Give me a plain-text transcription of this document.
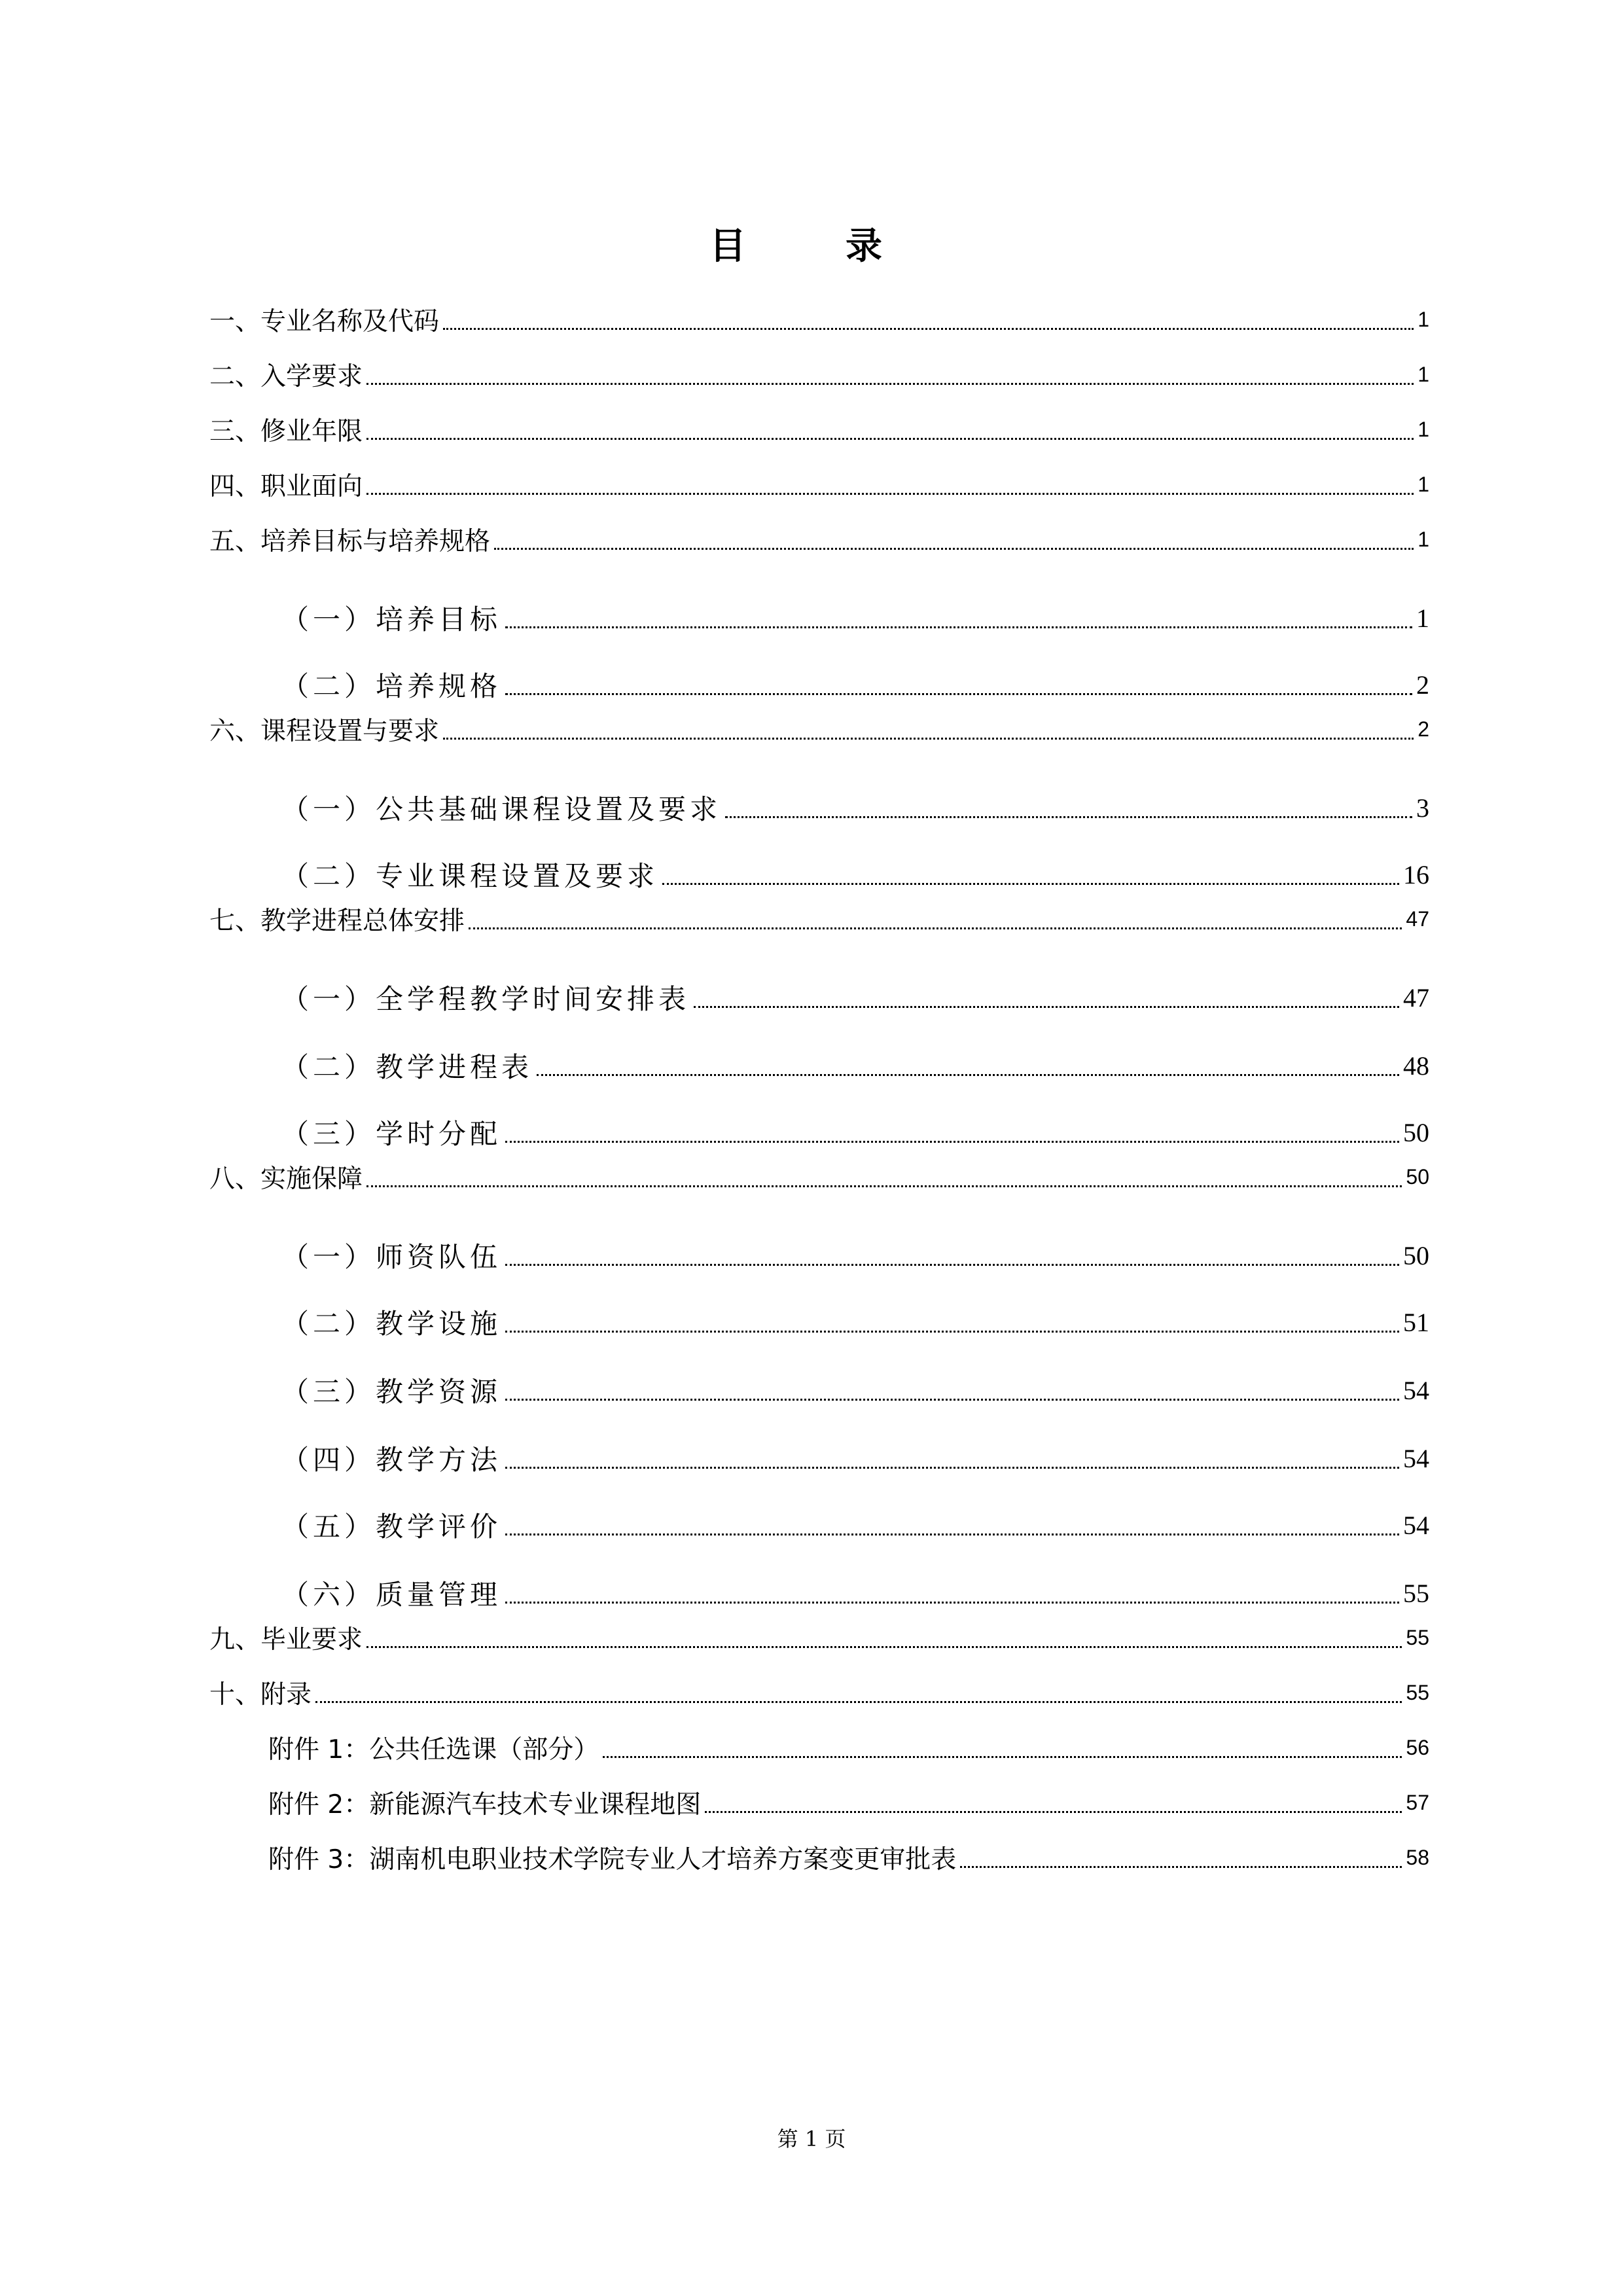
目　录
一、专业名称及代码	1
二、入学要求	1
三、修业年限	1
四、职业面向	1
五、培养目标与培养规格	1
（一）培养目标	1
（二）培养规格	2
六、课程设置与要求	2
（一）公共基础课程设置及要求	3
（二）专业课程设置及要求	16
七、教学进程总体安排	47
（一）全学程教学时间安排表	47
（二）教学进程表	48
（三）学时分配	50
八、实施保障	50
（一）师资队伍	50
（二）教学设施	51
（三）教学资源	54
（四）教学方法	54
（五）教学评价	54
（六）质量管理	55
九、毕业要求	55
十、附录	55
附件 1：公共任选课（部分）	56
附件 2：新能源汽车技术专业课程地图	57
附件 3：湖南机电职业技术学院专业人才培养方案变更审批表	58
第 1 页
